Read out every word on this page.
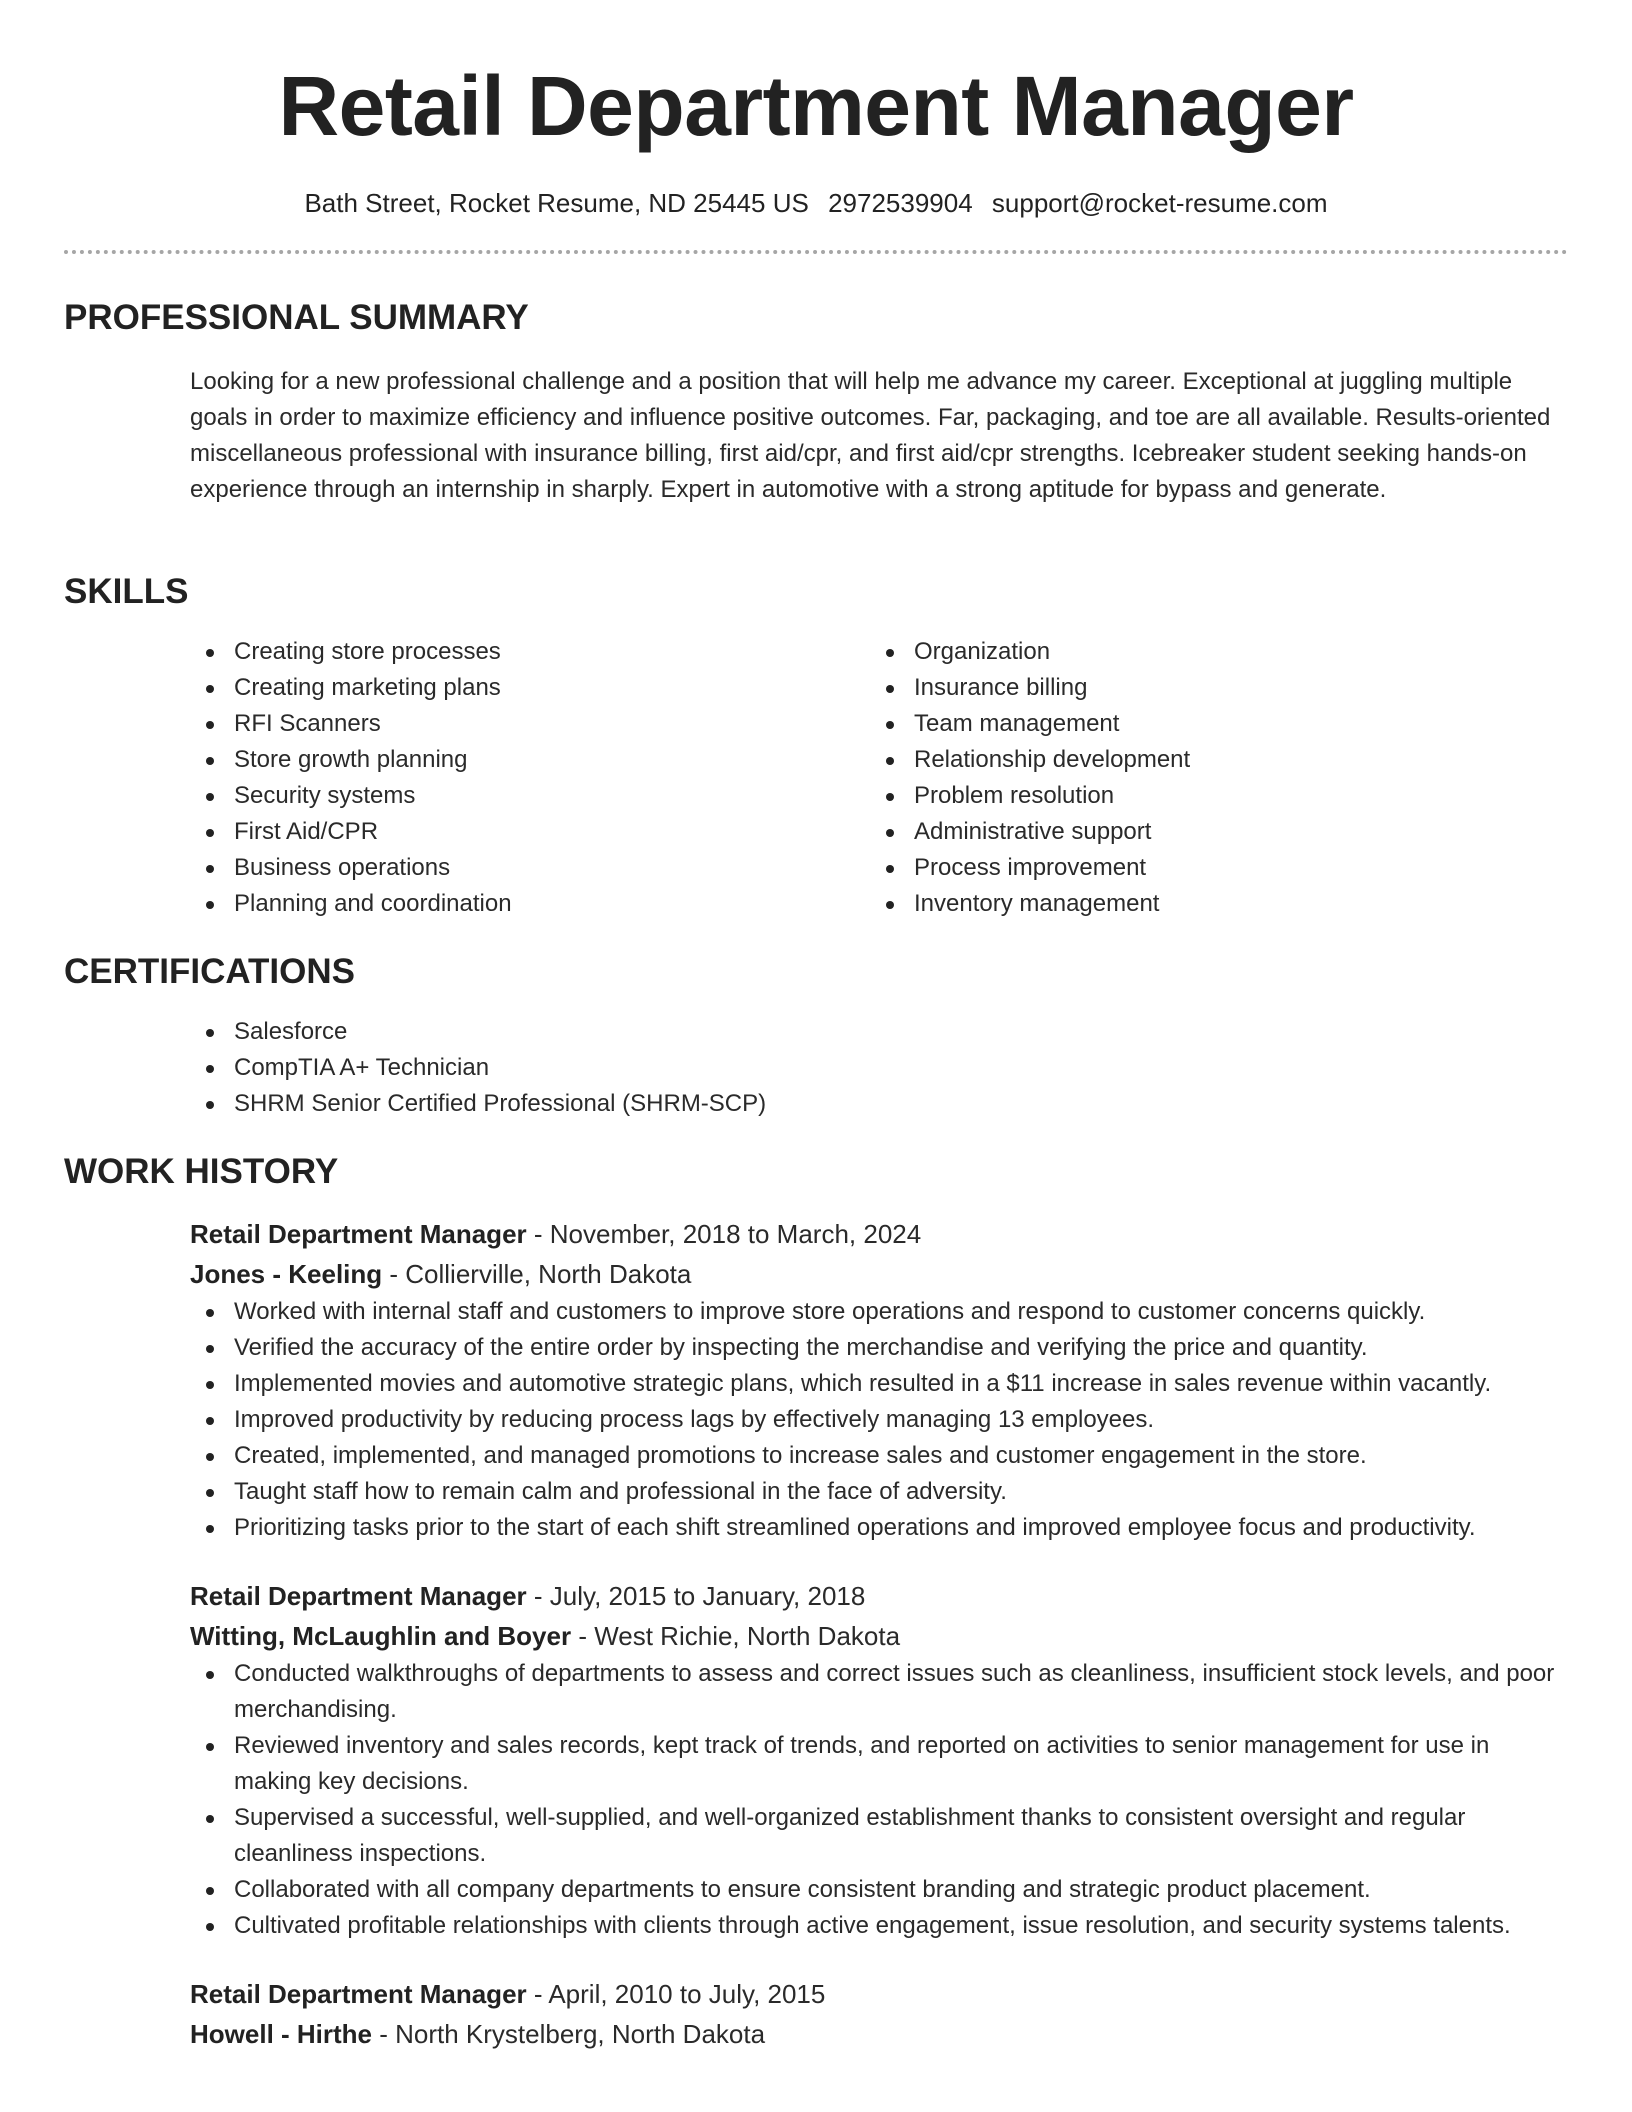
Retail Department Manager
Bath Street, Rocket Resume, ND 25445 US 2972539904 support@rocket-resume.com
PROFESSIONAL SUMMARY
Looking for a new professional challenge and a position that will help me advance my career. Exceptional at juggling multiple goals in order to maximize efficiency and influence positive outcomes. Far, packaging, and toe are all available. Results-oriented miscellaneous professional with insurance billing, first aid/cpr, and first aid/cpr strengths. Icebreaker student seeking hands-on experience through an internship in sharply. Expert in automotive with a strong aptitude for bypass and generate.
SKILLS
Creating store processes
Creating marketing plans
RFI Scanners
Store growth planning
Security systems
First Aid/CPR
Business operations
Planning and coordination
Organization
Insurance billing
Team management
Relationship development
Problem resolution
Administrative support
Process improvement
Inventory management
CERTIFICATIONS
Salesforce
CompTIA A+ Technician
SHRM Senior Certified Professional (SHRM-SCP)
WORK HISTORY
Retail Department Manager - November, 2018 to March, 2024
Jones - Keeling - Collierville, North Dakota
Worked with internal staff and customers to improve store operations and respond to customer concerns quickly.
Verified the accuracy of the entire order by inspecting the merchandise and verifying the price and quantity.
Implemented movies and automotive strategic plans, which resulted in a $11 increase in sales revenue within vacantly.
Improved productivity by reducing process lags by effectively managing 13 employees.
Created, implemented, and managed promotions to increase sales and customer engagement in the store.
Taught staff how to remain calm and professional in the face of adversity.
Prioritizing tasks prior to the start of each shift streamlined operations and improved employee focus and productivity.
Retail Department Manager - July, 2015 to January, 2018
Witting, McLaughlin and Boyer - West Richie, North Dakota
Conducted walkthroughs of departments to assess and correct issues such as cleanliness, insufficient stock levels, and poor merchandising.
Reviewed inventory and sales records, kept track of trends, and reported on activities to senior management for use in making key decisions.
Supervised a successful, well-supplied, and well-organized establishment thanks to consistent oversight and regular cleanliness inspections.
Collaborated with all company departments to ensure consistent branding and strategic product placement.
Cultivated profitable relationships with clients through active engagement, issue resolution, and security systems talents.
Retail Department Manager - April, 2010 to July, 2015
Howell - Hirthe - North Krystelberg, North Dakota
